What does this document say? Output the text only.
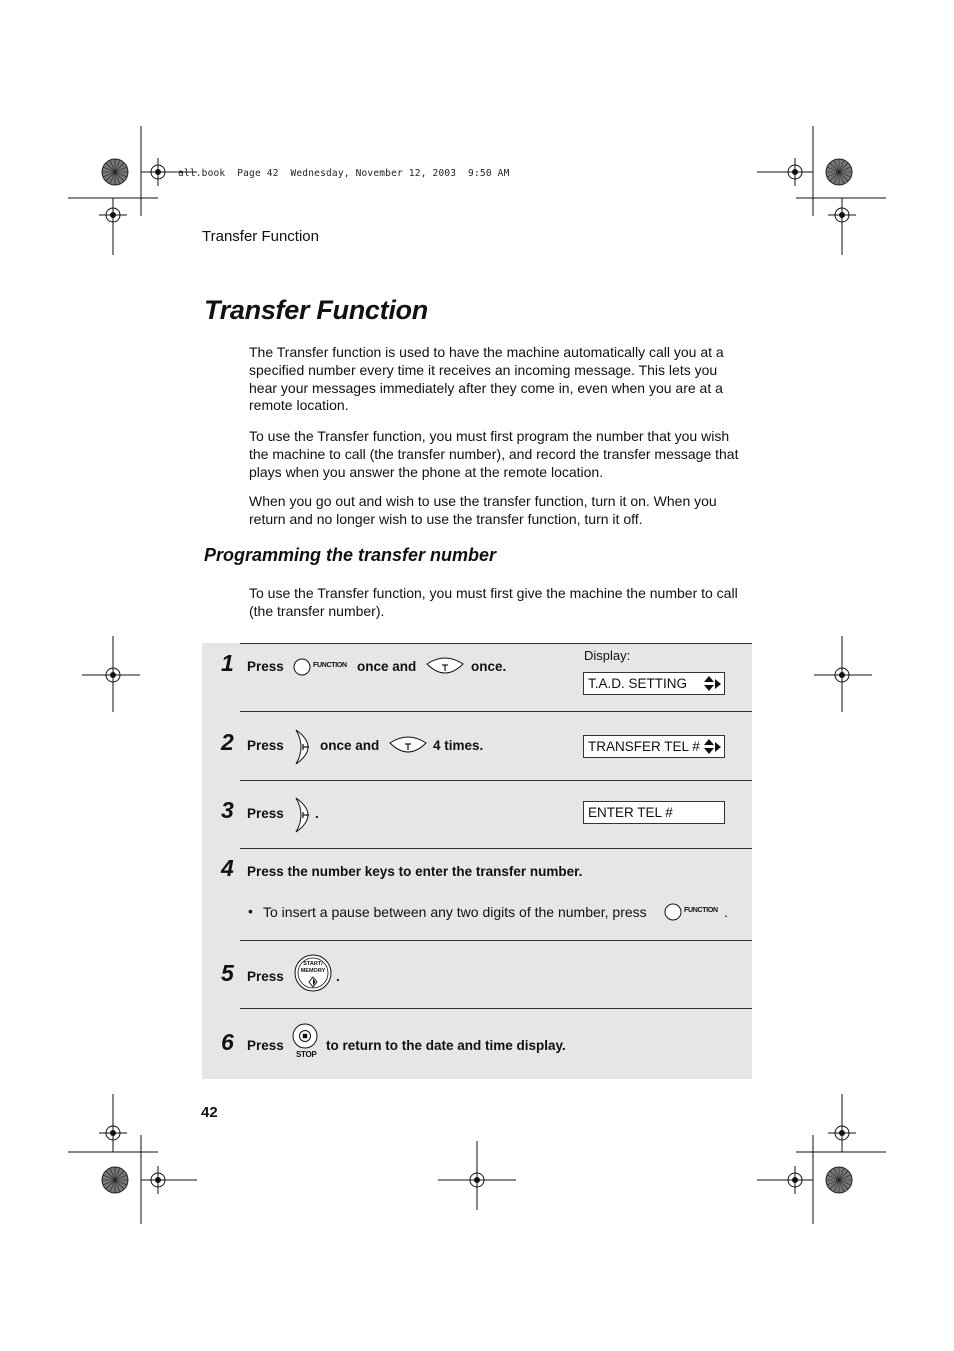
all.book  Page 42  Wednesday, November 12, 2003  9:50 AM
Transfer Function
Transfer Function
The Transfer function is used to have the machine automatically call you at a specified number every time it receives an incoming message. This lets you hear your messages immediately after they come in, even when you are at a remote location.
To use the Transfer function, you must first program the number that you wish the machine to call (the transfer number), and record the transfer message that plays when you answer the phone at the remote location.
When you go out and wish to use the transfer function, turn it on. When you return and no longer wish to use the transfer function, turn it off.
Programming the transfer number
To use the Transfer function, you must first give the machine the number to call (the transfer number).
Display:
1 Press	FUNCTION once and	once.
T.A.D. SETTING
2 Press	once and	4 times.	TRANSFER TEL #
3 Press .	ENTER TEL #
4 Press the number keys to enter the transfer number.
• To insert a pause between any two digits of the number, press	FUNCTION .
5 Press
START/
MEMORY .
6 Press
STOP
to return to the date and time display.
42
